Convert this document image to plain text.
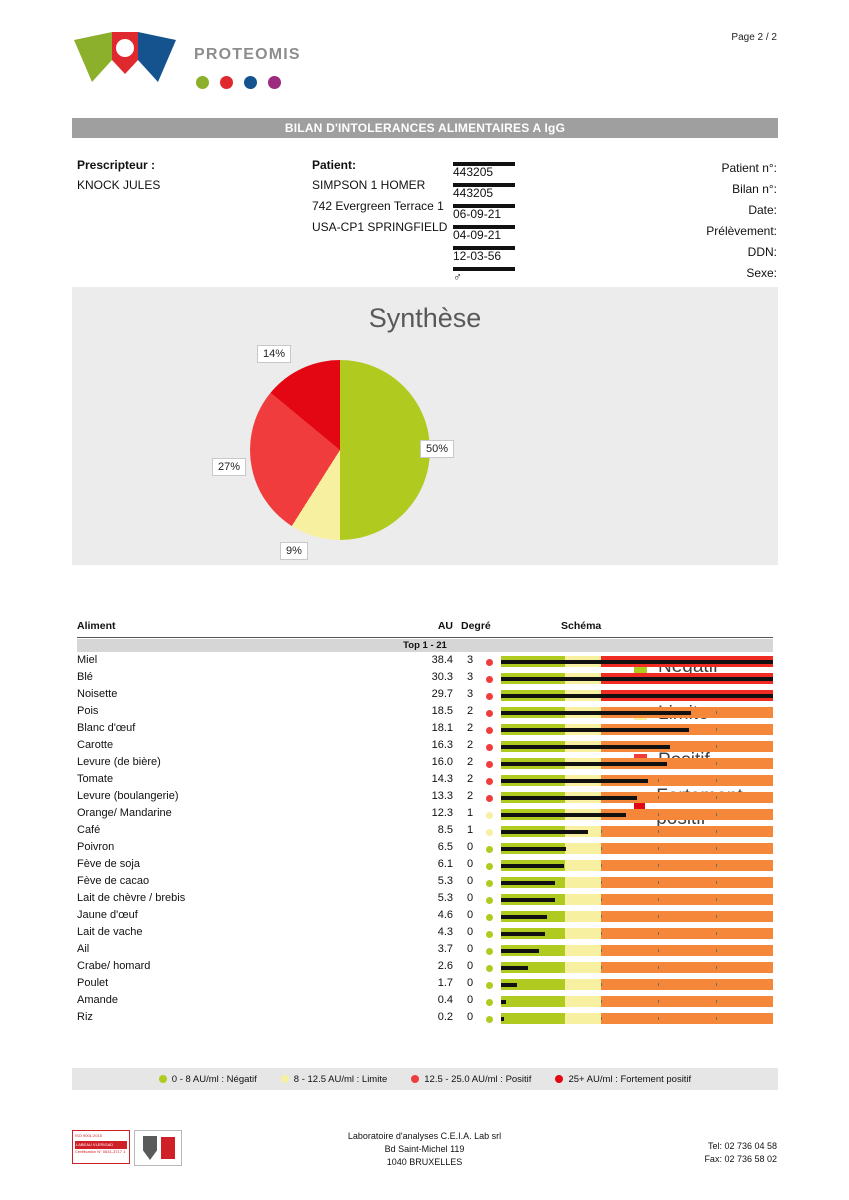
Page 2 / 2
PROTEOMIS
BILAN D'INTOLERANCES ALIMENTAIRES A IgG
Prescripteur :
KNOCK JULES
Patient:
SIMPSON 1 HOMER
742 Evergreen Terrace 1
USA-CP1 SPRINGFIELD
Patient n°:
443205
Bilan n°:
443205
Date:
06-09-21
Prélèvement:
04-09-21
DDN:
12-03-56
Sexe:
♂
Synthèse
50%
14%
27%
9%
Aliment	AU Degré	Schéma
Top 1 - 21
Miel	38.4 3
Blé	30.3 3
Noisette	29.7 3
Pois	18.5 2
Blanc d'œuf	18.1 2
Carotte	16.3 2
Levure (de bière)	16.0 2
Tomate	14.3 2
Levure (boulangerie)	13.3 2
Orange/ Mandarine	12.3 1
Café	8.5 1
Poivron	6.5 0
Fève de soja	6.1 0
Fève de cacao	5.3 0
Lait de chèvre / brebis	5.3 0
Jaune d'œuf	4.6 0
Lait de vache	4.3 0
Ail	3.7 0
Crabe/ homard	2.6 0
Poulet	1.7 0
Amande	0.4 0
Riz	0.2 0
0 - 8 AU/ml : Négatif	8 - 12.5 AU/ml : Limite	12.5 - 25.0 AU/ml : Positif	25+ AU/ml : Fortement positif
ISO 9001:2015
LABEAU VLERIGAD
Certification N° 0631-3717 1
Laboratoire d'analyses C.E.I.A. Lab srl
Bd Saint-Michel 119
1040 BRUXELLES
Tel: 02 736 04 58
Fax: 02 736 58 02
